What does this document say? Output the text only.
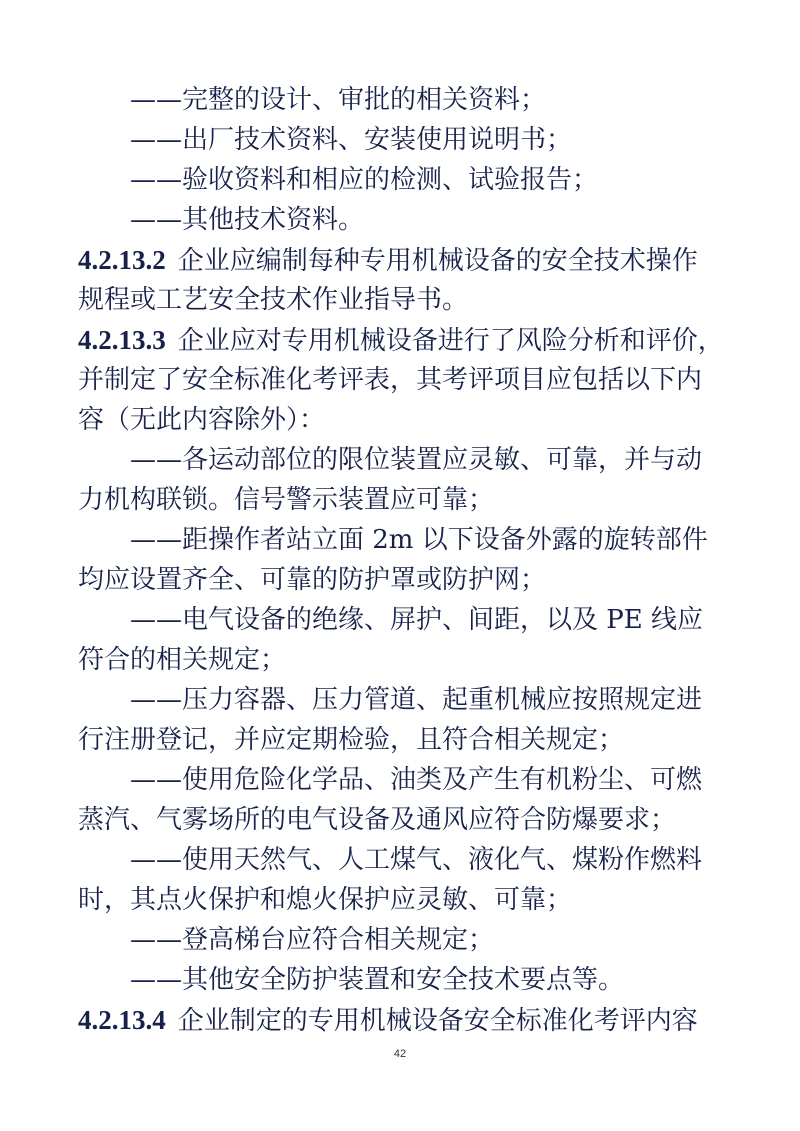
——完整的设计、审批的相关资料；
——出厂技术资料、安装使用说明书；
——验收资料和相应的检测、试验报告；
——其他技术资料。
4.2.13.2 企业应编制每种专用机械设备的安全技术操作
规程或工艺安全技术作业指导书。
4.2.13.3 企业应对专用机械设备进行了风险分析和评价，
并制定了安全标准化考评表，其考评项目应包括以下内
容（无此内容除外）：
——各运动部位的限位装置应灵敏、可靠，并与动
力机构联锁。信号警示装置应可靠；
——距操作者站立面 2m 以下设备外露的旋转部件
均应设置齐全、可靠的防护罩或防护网；
——电气设备的绝缘、屏护、间距，以及 PE 线应
符合的相关规定；
——压力容器、压力管道、起重机械应按照规定进
行注册登记，并应定期检验，且符合相关规定；
——使用危险化学品、油类及产生有机粉尘、可燃
蒸汽、气雾场所的电气设备及通风应符合防爆要求；
——使用天然气、人工煤气、液化气、煤粉作燃料
时，其点火保护和熄火保护应灵敏、可靠；
——登高梯台应符合相关规定；
——其他安全防护装置和安全技术要点等。
4.2.13.4 企业制定的专用机械设备安全标准化考评内容
42
